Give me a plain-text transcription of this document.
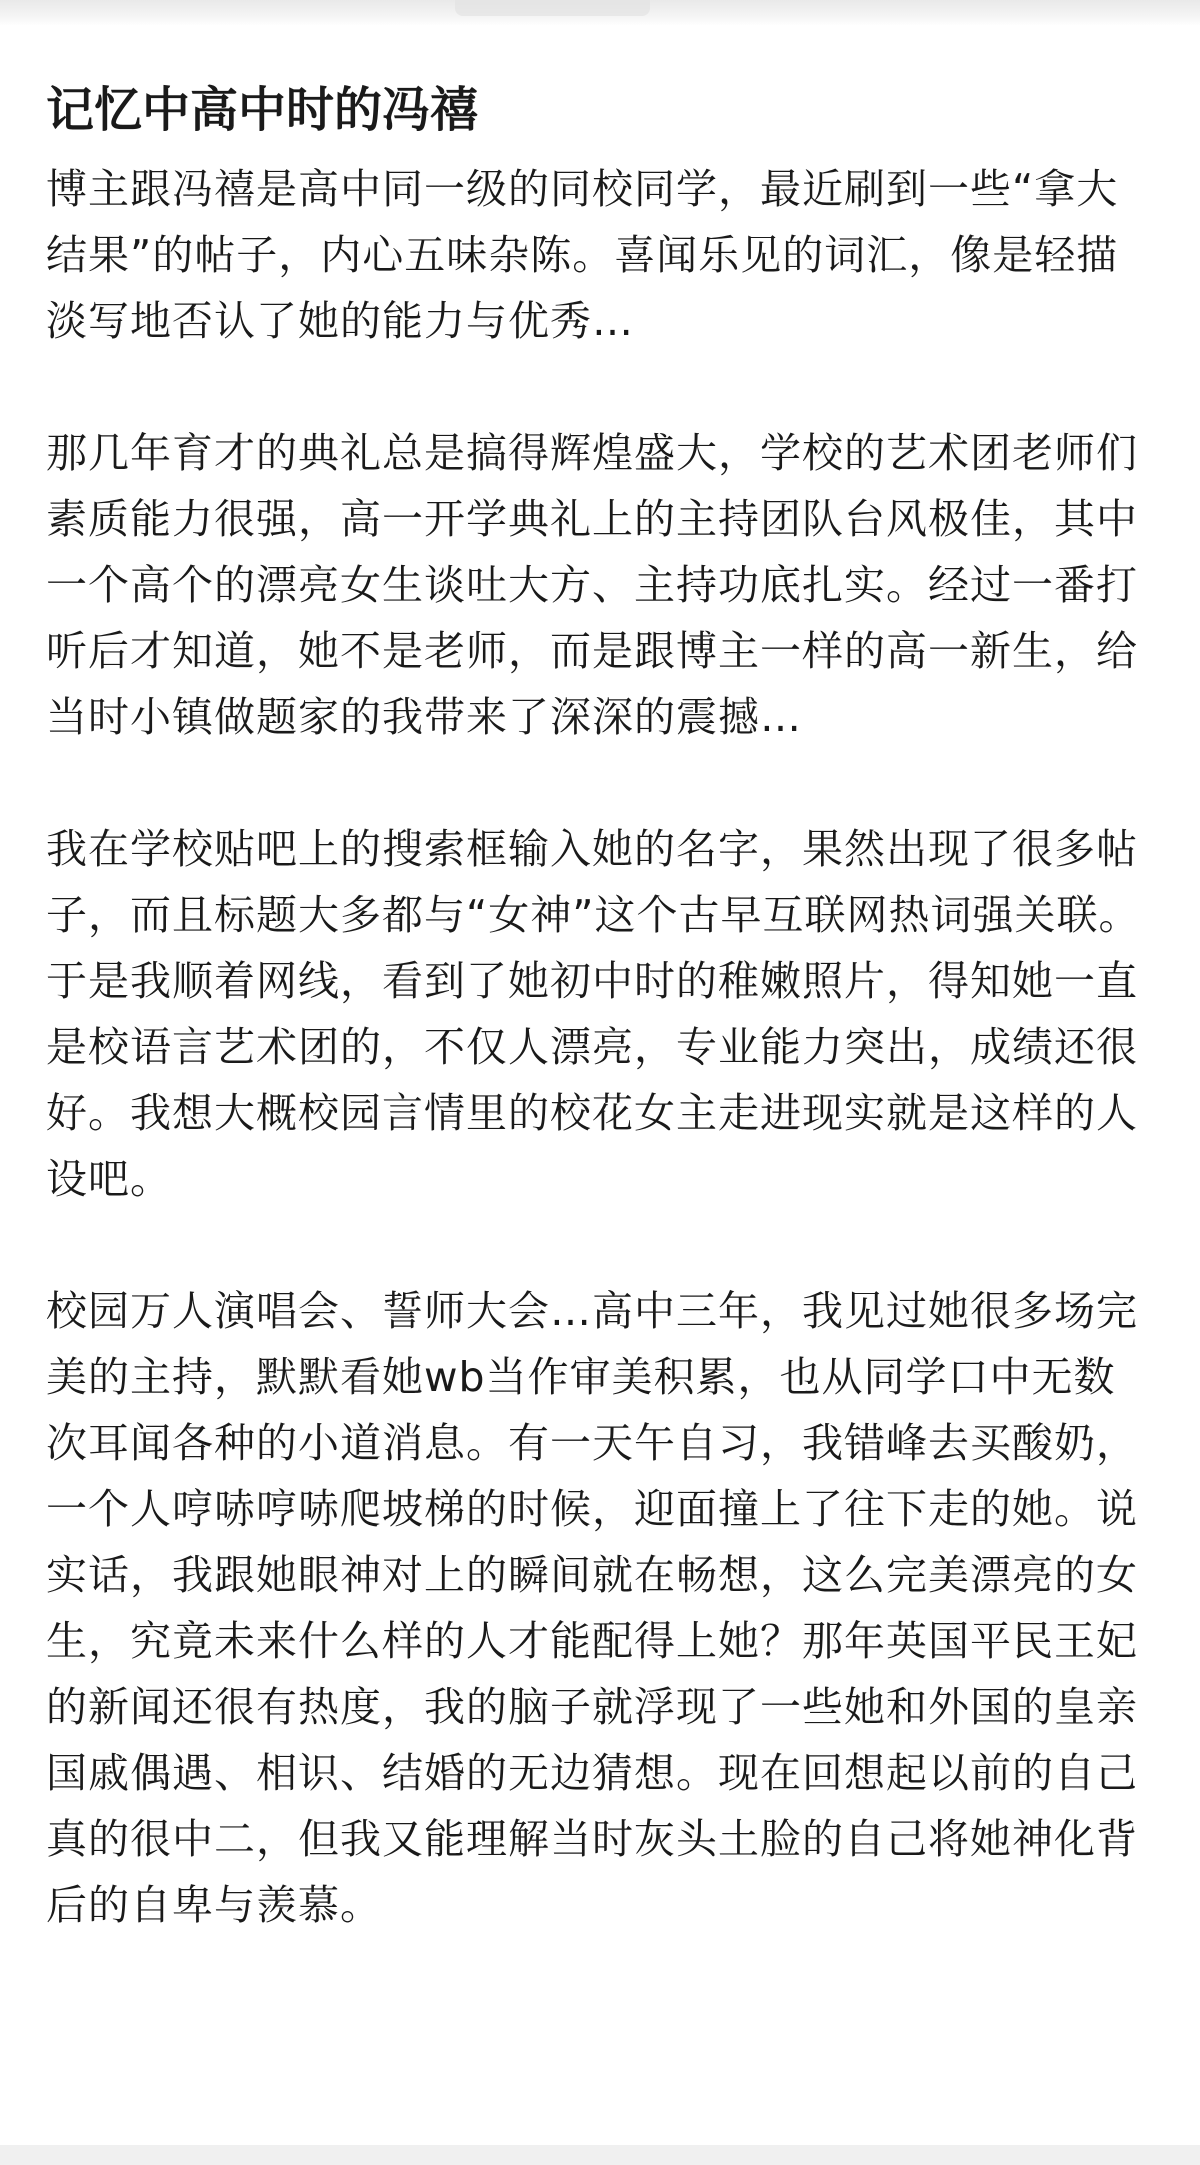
记忆中高中时的冯禧

博主跟冯禧是高中同一级的同校同学，最近刷到一些“拿大结果”的帖子，内心五味杂陈。喜闻乐见的词汇，像是轻描淡写地否认了她的能力与优秀…

那几年育才的典礼总是搞得辉煌盛大，学校的艺术团老师们素质能力很强，高一开学典礼上的主持团队台风极佳，其中一个高个的漂亮女生谈吐大方、主持功底扎实。经过一番打听后才知道，她不是老师，而是跟博主一样的高一新生，给当时小镇做题家的我带来了深深的震撼…

我在学校贴吧上的搜索框输入她的名字，果然出现了很多帖子，而且标题大多都与“女神”这个古早互联网热词强关联。于是我顺着网线，看到了她初中时的稚嫩照片，得知她一直是校语言艺术团的，不仅人漂亮，专业能力突出，成绩还很好。我想大概校园言情里的校花女主走进现实就是这样的人设吧。

校园万人演唱会、誓师大会…高中三年，我见过她很多场完美的主持，默默看她wb当作审美积累，也从同学口中无数次耳闻各种的小道消息。有一天午自习，我错峰去买酸奶，一个人哼哧哼哧爬坡梯的时候，迎面撞上了往下走的她。说实话，我跟她眼神对上的瞬间就在畅想，这么完美漂亮的女生，究竟未来什么样的人才能配得上她？那年英国平民王妃的新闻还很有热度，我的脑子就浮现了一些她和外国的皇亲国戚偶遇、相识、结婚的无边猜想。现在回想起以前的自己真的很中二，但我又能理解当时灰头土脸的自己将她神化背后的自卑与羡慕。
